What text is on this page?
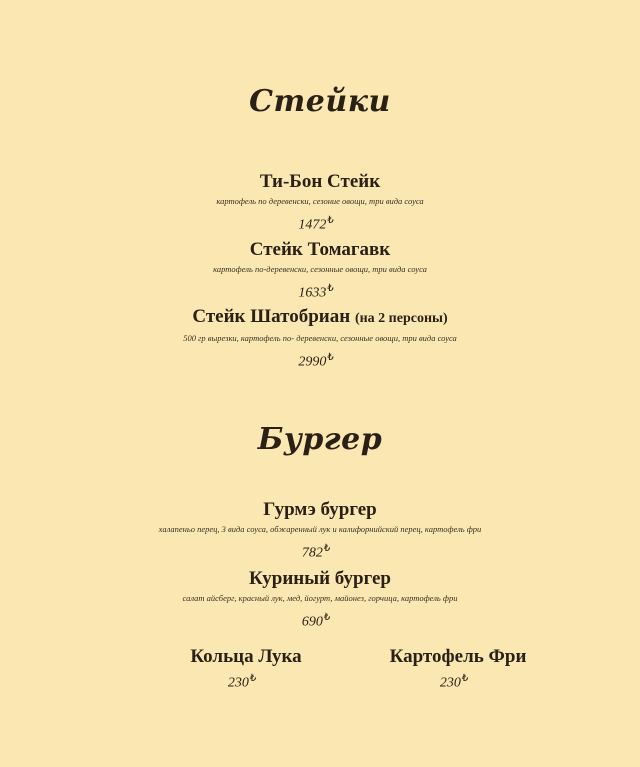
Стейки
Ти-Бон Стейк
картофель по деревенски, сезоние овощи, три вида соуса
1472₺
Стейк Томагавк
картофель по-деревенски, сезонные овощи, три вида соуса
1633₺
Стейк Шатобриан (на 2 персоны)
500 гр вырезки, картофель по- деревенски, сезонные овощи, три вида соуса
2990₺
Бургер
Гурмэ бургер
халапеньо перец, 3 вида соуса, обжаренный лук и калифорнийский перец, картофель фри
782₺
Куриный бургер
салат айсберг, красный лук, мед, йогурт, майонез, горчица, картофель фри
690₺
Кольца Лука
230₺
Картофель Фри
230₺
